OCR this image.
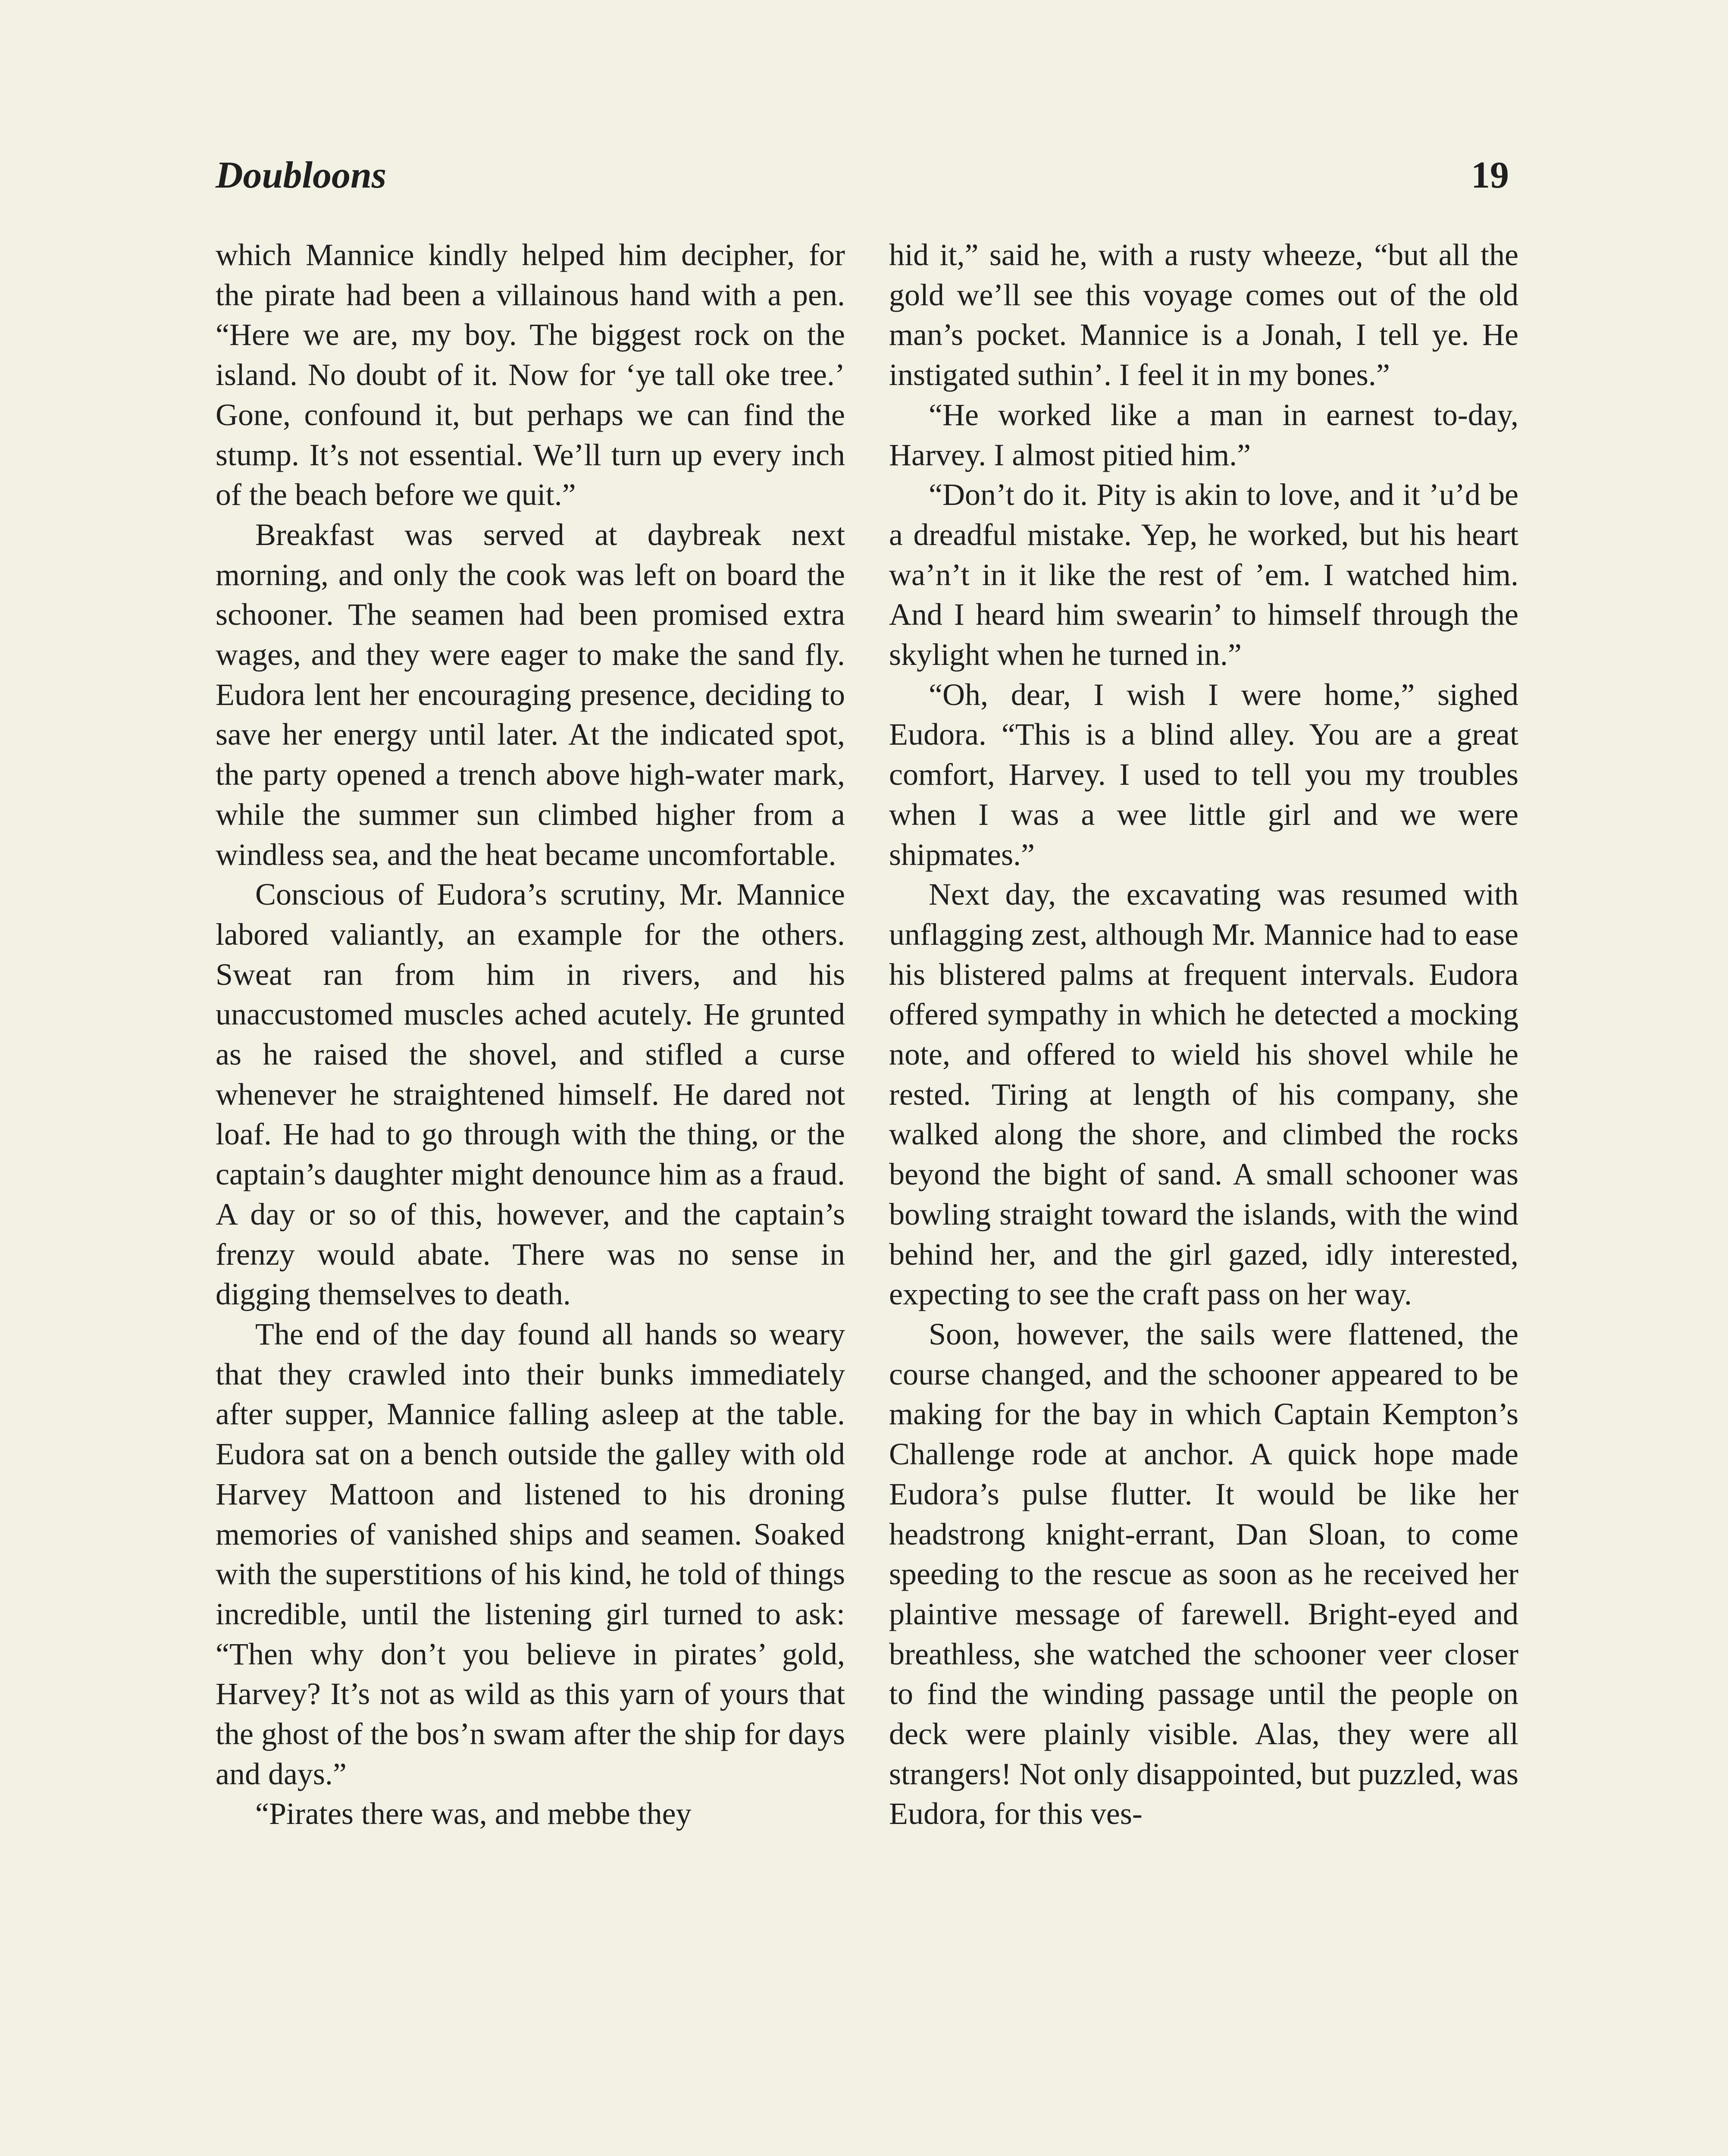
Doubloons	19

which Mannice kindly helped him decipher, for the pirate had been a villainous hand with a pen. “Here we are, my boy. The biggest rock on the island. No doubt of it. Now for ‘ye tall oke tree.’ Gone, confound it, but perhaps we can find the stump. It’s not essential. We’ll turn up every inch of the beach before we quit.”

Breakfast was served at daybreak next morning, and only the cook was left on board the schooner. The seamen had been promised extra wages, and they were eager to make the sand fly. Eudora lent her encouraging presence, deciding to save her energy until later. At the indicated spot, the party opened a trench above high-water mark, while the summer sun climbed higher from a windless sea, and the heat became uncomfortable.

Conscious of Eudora’s scrutiny, Mr. Mannice labored valiantly, an example for the others. Sweat ran from him in rivers, and his unaccustomed muscles ached acutely. He grunted as he raised the shovel, and stifled a curse whenever he straightened himself. He dared not loaf. He had to go through with the thing, or the captain’s daughter might denounce him as a fraud. A day or so of this, however, and the captain’s frenzy would abate. There was no sense in digging themselves to death.

The end of the day found all hands so weary that they crawled into their bunks immediately after supper, Mannice falling asleep at the table. Eudora sat on a bench outside the galley with old Harvey Mattoon and listened to his droning memories of vanished ships and seamen. Soaked with the superstitions of his kind, he told of things incredible, until the listening girl turned to ask: “Then why don’t you believe in pirates’ gold, Harvey? It’s not as wild as this yarn of yours that the ghost of the bos’n swam after the ship for days and days.”

“Pirates there was, and mebbe they

hid it,” said he, with a rusty wheeze, “but all the gold we’ll see this voyage comes out of the old man’s pocket. Mannice is a Jonah, I tell ye. He instigated suthin’. I feel it in my bones.”

“He worked like a man in earnest to-day, Harvey. I almost pitied him.”

“Don’t do it. Pity is akin to love, and it ’u’d be a dreadful mistake. Yep, he worked, but his heart wa’n’t in it like the rest of ’em. I watched him. And I heard him swearin’ to himself through the skylight when he turned in.”

“Oh, dear, I wish I were home,” sighed Eudora. “This is a blind alley. You are a great comfort, Harvey. I used to tell you my troubles when I was a wee little girl and we were shipmates.”

Next day, the excavating was resumed with unflagging zest, although Mr. Mannice had to ease his blistered palms at frequent intervals. Eudora offered sympathy in which he detected a mocking note, and offered to wield his shovel while he rested. Tiring at length of his company, she walked along the shore, and climbed the rocks beyond the bight of sand. A small schooner was bowling straight toward the islands, with the wind behind her, and the girl gazed, idly interested, expecting to see the craft pass on her way.

Soon, however, the sails were flattened, the course changed, and the schooner appeared to be making for the bay in which Captain Kempton’s Challenge rode at anchor. A quick hope made Eudora’s pulse flutter. It would be like her headstrong knight-errant, Dan Sloan, to come speeding to the rescue as soon as he received her plaintive message of farewell. Bright-eyed and breathless, she watched the schooner veer closer to find the winding passage until the people on deck were plainly visible. Alas, they were all strangers! Not only disappointed, but puzzled, was Eudora, for this ves-
